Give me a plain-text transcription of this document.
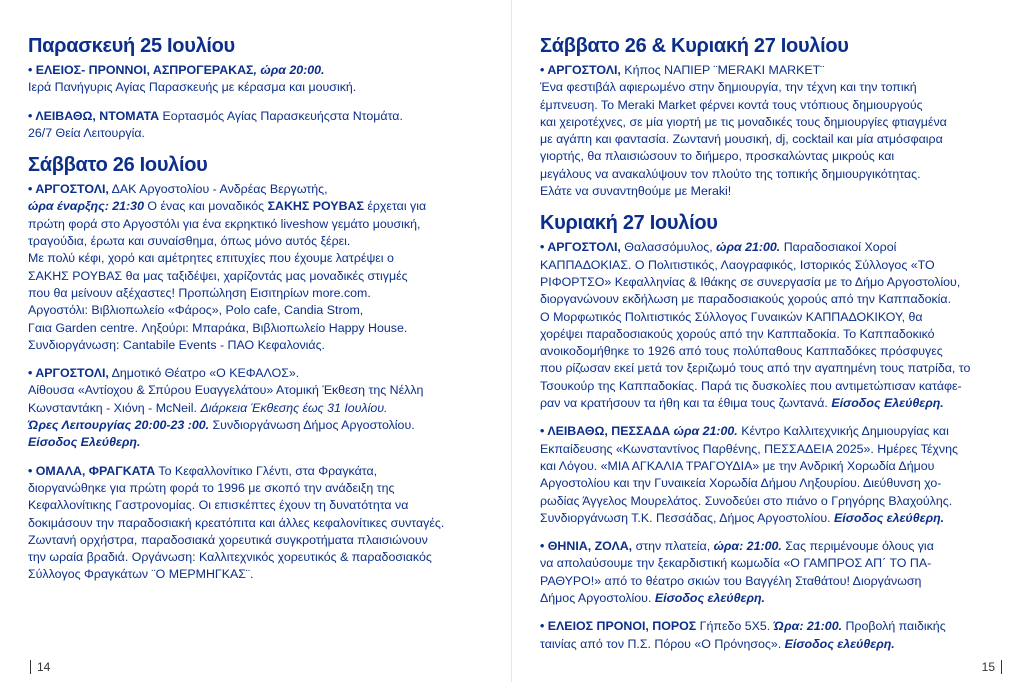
Παρασκευή 25 Ιουλίου
• ΕΛΕΙΟΣ- ΠΡΟΝΝΟΙ, ΑΣΠΡΟΓΕΡΑΚΑΣ, ώρα 20:00.
Ιερά Πανήγυρις Αγίας Παρασκευής με κέρασμα και μουσική.
• ΛΕΙΒΑΘΩ, ΝΤΟΜΑΤΑ Εορτασμός Αγίας Παρασκευήςστα Ντομάτα.
26/7 Θεία Λειτουργία.
Σάββατο 26 Ιουλίου
• ΑΡΓΟΣΤΟΛΙ, ΔΑΚ Αργοστολίου - Ανδρέας Βεργωτής,
ώρα έναρξης: 21:30 Ο ένας και μοναδικός ΣΑΚΗΣ ΡΟΥΒΑΣ έρχεται για
πρώτη φορά στο Αργοστόλι για ένα εκρηκτικό liveshow γεμάτο μουσική,
τραγούδια, έρωτα και συναίσθημα, όπως μόνο αυτός ξέρει.
Με πολύ κέφι, χορό και αμέτρητες επιτυχίες που έχουμε λατρέψει ο
ΣΑΚΗΣ ΡΟΥΒΑΣ θα μας ταξιδέψει, χαρίζοντάς μας μοναδικές στιγμές
που θα μείνουν αξέχαστες! Προπώληση Εισιτηρίων more.com.
Αργοστόλι: Βιβλιοπωλείο «Φάρος», Polo cafe, Candia Strom,
Γαια Garden centre. Ληξούρι: Μπαράκα, Βιβλιοπωλείο Happy House.
Συνδιοργάνωση: Cantabile Events - ΠΑΟ Κεφαλονιάς.
• ΑΡΓΟΣΤΟΛΙ, Δημοτικό Θέατρο «Ο ΚΕΦΑΛΟΣ».
Αίθουσα «Αντίοχου & Σπύρου Ευαγγελάτου» Ατομική Έκθεση της Νέλλη
Κωνσταντάκη - Χιόνη - McNeil. Διάρκεια Έκθεσης έως 31 Ιουλίου.
Ώρες Λειτουργίας 20:00-23 :00. Συνδιοργάνωση Δήμος Αργοστολίου.
Είσοδος Ελεύθερη.
• ΟΜΑΛΑ, ΦΡΑΓΚΑΤΑ Το Κεφαλλονίτικο Γλέντι, στα Φραγκάτα,
διοργανώθηκε για πρώτη φορά το 1996 με σκοπό την ανάδειξη της
Κεφαλλονίτικης Γαστρονομίας. Οι επισκέπτες έχουν τη δυνατότητα να
δοκιμάσουν την παραδοσιακή κρεατόπιτα και άλλες κεφαλονίτικες συνταγές.
Ζωντανή ορχήστρα, παραδοσιακά χορευτικά συγκροτήματα πλαισιώνουν
την ωραία βραδιά. Οργάνωση: Καλλιτεχνικός χορευτικός & παραδοσιακός
Σύλλογος Φραγκάτων ¨Ο ΜΕΡΜΗΓΚΑΣ¨.
14
Σάββατο 26 & Κυριακή 27 Ιουλίου
• ΑΡΓΟΣΤΟΛΙ, Κήπος ΝΑΠΙΕΡ ¨MERAKI MARKET¨
Ένα φεστιβάλ αφιερωμένο στην δημιουργία, την τέχνη και την τοπική
έμπνευση. Το Meraki Market φέρνει κοντά τους ντόπιους δημιουργούς
και χειροτέχνες, σε μία γιορτή με τις μοναδικές τους δημιουργίες φτιαγμένα
με αγάπη και φαντασία. Ζωντανή μουσική, dj, cocktail και μία ατμόσφαιρα
γιορτής, θα πλαισιώσουν το διήμερο, προσκαλώντας μικρούς και
μεγάλους να ανακαλύψουν τον πλούτο της τοπικής δημιουργικότητας.
Ελάτε να συναντηθούμε με Meraki!
Κυριακή 27 Ιουλίου
• ΑΡΓΟΣΤΟΛΙ, Θαλασσόμυλος, ώρα 21:00. Παραδοσιακοί Χοροί
ΚΑΠΠΑΔΟΚΙΑΣ. Ο Πολιτιστικός, Λαογραφικός, Ιστορικός Σύλλογος «ΤΟ
ΡΙΦΟΡΤΣΟ» Κεφαλληνίας & Ιθάκης σε συνεργασία με το Δήμο Αργοστολίου,
διοργανώνουν εκδήλωση με παραδοσιακούς χορούς από την Καππαδοκία.
Ο Μορφωτικός Πολιτιστικός Σύλλογος Γυναικών ΚΑΠΠΑΔΟΚΙΚΟΥ, θα
χορέψει παραδοσιακούς χορούς από την Καππαδοκία. Το Καππαδοκικό
ανοικοδομήθηκε το 1926 από τους πολύπαθους Καππαδόκες πρόσφυγες
που ρίζωσαν εκεί μετά τον ξεριζωμό τους από την αγαπημένη τους πατρίδα, το
Τσουκούρ της Καππαδοκίας. Παρά τις δυσκολίες που αντιμετώπισαν κατάφε-
ραν να κρατήσουν τα ήθη και τα έθιμα τους ζωντανά. Είσοδος Ελεύθερη.
• ΛΕΙΒΑΘΩ, ΠΕΣΣΑΔΑ ώρα 21:00. Κέντρο Καλλιτεχνικής Δημιουργίας και
Εκπαίδευσης «Κωνσταντίνος Παρθένης, ΠΕΣΣΑΔΕΙΑ 2025». Ημέρες Τέχνης
και Λόγου. «ΜΙΑ ΑΓΚΑΛΙΑ ΤΡΑΓΟΥΔΙΑ» με την Ανδρική Χορωδία Δήμου
Αργοστολίου και την Γυναικεία Χορωδία Δήμου Ληξουρίου. Διεύθυνση χο-
ρωδίας Άγγελος Μουρελάτος. Συνοδεύει στο πιάνο ο Γρηγόρης Βλαχούλης.
Συνδιοργάνωση Τ.Κ. Πεσσάδας, Δήμος Αργοστολίου. Είσοδος ελεύθερη.
• ΘΗΝΙΑ, ΖΟΛΑ, στην πλατεία, ώρα: 21:00. Σας περιμένουμε όλους για
να απολαύσουμε την ξεκαρδιστική κωμωδία «Ο ΓΑΜΠΡΟΣ ΑΠ΄ ΤΟ ΠΑ-
ΡΑΘΥΡΟ!» από το θέατρο σκιών του Βαγγέλη Σταθάτου! Διοργάνωση
Δήμος Αργοστολίου. Είσοδος ελεύθερη.
• ΕΛΕΙΟΣ ΠΡΟΝΟΙ, ΠΟΡΟΣ Γήπεδο 5Χ5. Ώρα: 21:00. Προβολή παιδικής
ταινίας από τον Π.Σ. Πόρου «Ο Πρόνησος». Είσοδος ελεύθερη.
15
